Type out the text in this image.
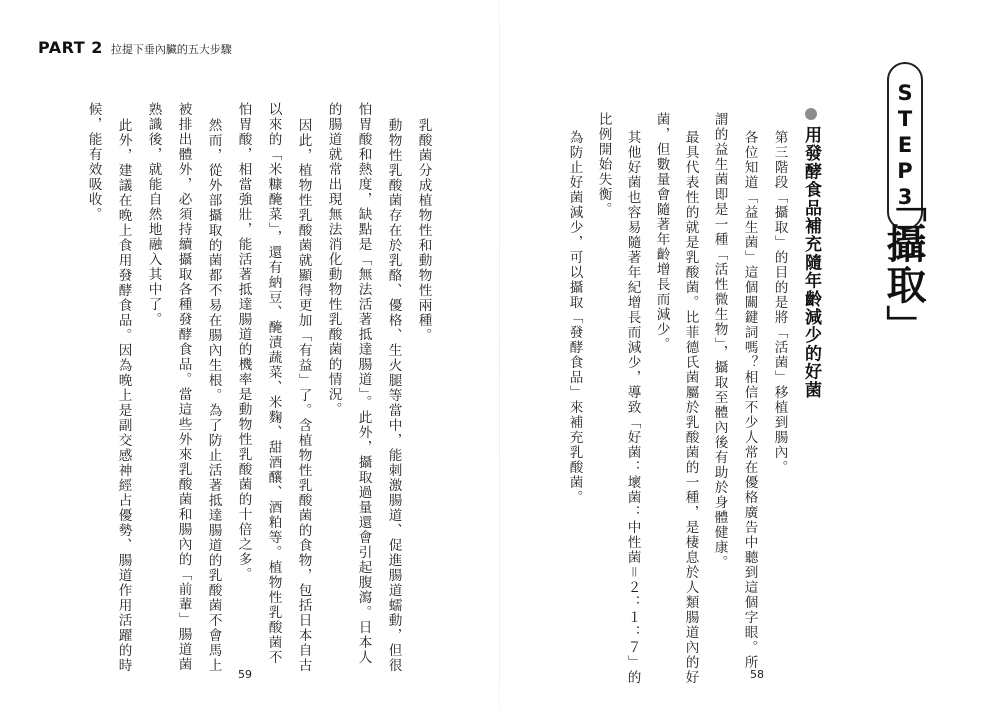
PART 2 拉提下垂內臟的五大步驟
STEP3
「攝取」
用發酵食品補充隨年齡減少的好菌
第三階段「攝取」的目的是將「活菌」移植到腸內。
各位知道「益生菌」這個關鍵詞嗎？相信不少人常在優格廣告中聽到這個字眼。所
謂的益生菌即是一種「活性微生物」，攝取至體內後有助於身體健康。
最具代表性的就是乳酸菌。比菲德氏菌屬於乳酸菌的一種，是棲息於人類腸道內的好
菌，但數量會隨著年齡增長而減少。
其他好菌也容易隨著年紀增長而減少，導致「好菌：壞菌：中性菌＝２：１：７」的
比例開始失衡。
為防止好菌減少，可以攝取「發酵食品」來補充乳酸菌。
乳酸菌分成植物性和動物性兩種。
動物性乳酸菌存在於乳酪、優格、生火腿等當中，能刺激腸道、促進腸道蠕動，但很
怕胃酸和熱度，缺點是「無法活著抵達腸道」。此外，攝取過量還會引起腹瀉。日本人
的腸道就常出現無法消化動物性乳酸菌的情況。
因此，植物性乳酸菌就顯得更加「有益」了。含植物性乳酸菌的食物，包括日本自古
以來的「米糠醃菜」，還有納豆、醃漬蔬菜、米麴、甜酒釀、酒粕等。植物性乳酸菌不
怕胃酸，相當強壯，能活著抵達腸道的機率是動物性乳酸菌的十倍之多。
然而，從外部攝取的菌都不易在腸內生根。為了防止活著抵達腸道的乳酸菌不會馬上
被排出體外，必須持續攝取各種發酵食品。當這些外來乳酸菌和腸內的「前輩」腸道菌
熟識後，就能自然地融入其中了。
此外，建議在晚上食用發酵食品。因為晚上是副交感神經占優勢、腸道作用活躍的時
候，能有效吸收。
59	58
